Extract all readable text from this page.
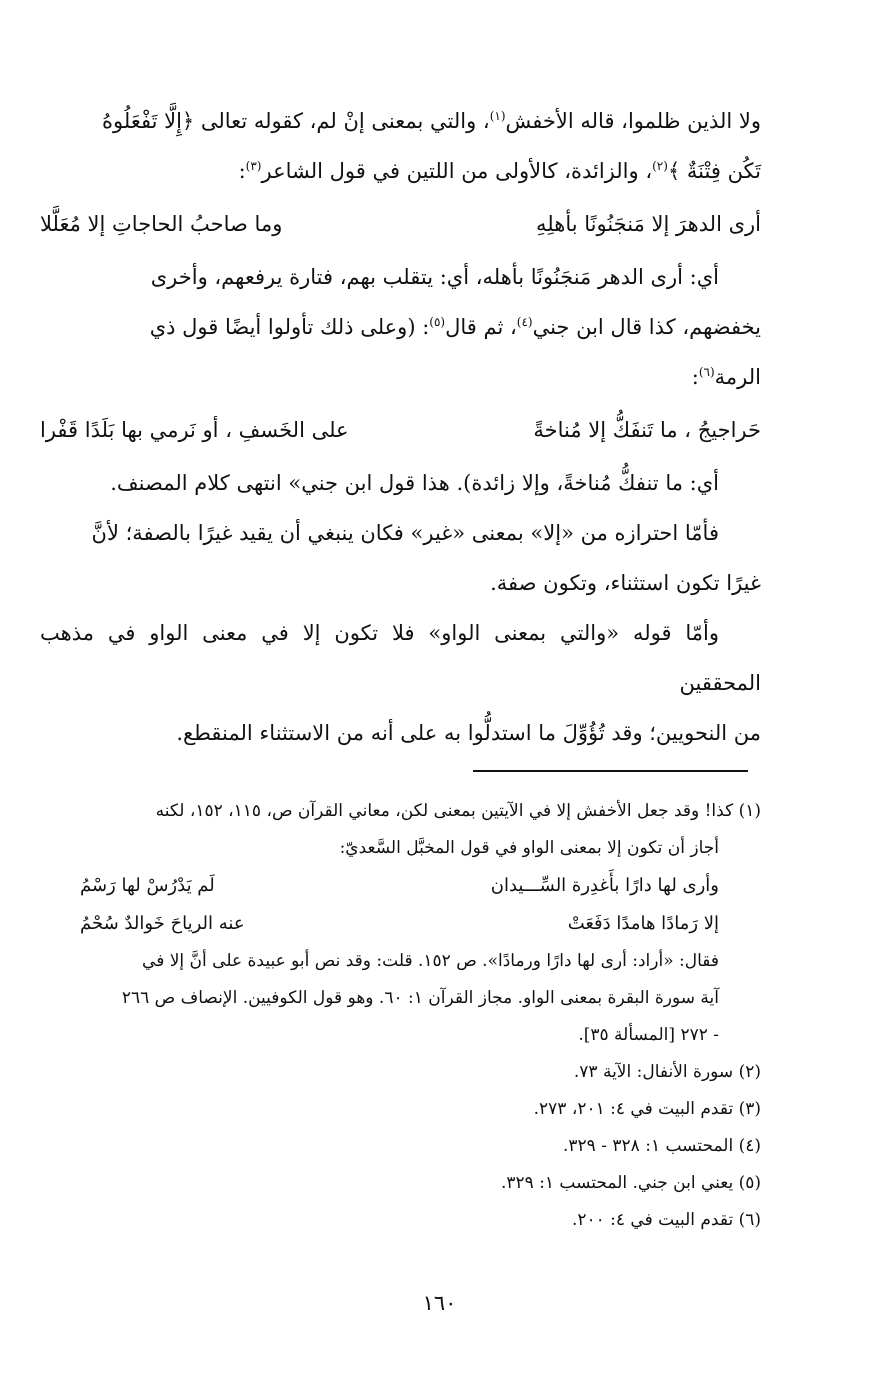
ولا الذين ظلموا، قاله الأخفش$^{(١)}$، والتي بمعنى إنْ لم، كقوله تعالى ﴿إِلَّا تَفْعَلُوهُ

تَكُن فِتْنَةٌ ﴾$^{(٢)}$، والزائدة، كالأولى من اللتين في قول الشاعر$^{(٣)}$:

أرى الدهرَ إلا مَنجَنُونًا بأهلِهِ
وما صاحبُ الحاجاتِ إلا مُعَلَّلا

أي: أرى الدهر مَنجَنُونًا بأهله، أي: يتقلب بهم، فتارة يرفعهم، وأخرى

يخفضهم، كذا قال ابن جني$^{(٤)}$، ثم قال$^{(٥)}$: (وعلى ذلك تأولوا أيضًا قول ذي

الرمة$^{(٦)}$:

حَراجيجُ ، ما تَنفَكُّ إلا مُناخةً
على الخَسفِ ، أو نَرمي بها بَلَدًا قَفْرا

أي: ما تنفكُّ مُناخةً، وإلا زائدة). هذا قول ابن جني» انتهى كلام المصنف.

فأمّا احترازه من «إلا» بمعنى «غير» فكان ينبغي أن يقيد غيرًا بالصفة؛ لأنَّ

غيرًا تكون استثناء، وتكون صفة.

وأمّا قوله «والتي بمعنى الواو» فلا تكون إلا في معنى الواو في مذهب المحققين

من النحويين؛ وقد تُؤُوِّلَ ما استدلُّوا به على أنه من الاستثناء المنقطع.

(١) كذا! وقد جعل الأخفش إلا في الآيتين بمعنى لكن، معاني القرآن ص، ١١٥، ١٥٢، لكنه

أجاز أن تكون إلا بمعنى الواو في قول المخبَّل السَّعديّ:

وأرى لها دارًا بأَغدِرة السِّـــيدان
لَم يَدْرُسْ لها رَسْمُ
إلا رَمادًا هامدًا دَفَعَتْ
عنه الرياحَ خَوالدٌ سُحْمُ

فقال: «أراد: أرى لها دارًا ورمادًا». ص ١٥٢. قلت: وقد نص أبو عبيدة على أنَّ إلا في

آية سورة البقرة بمعنى الواو. مجاز القرآن ١: ٦٠. وهو قول الكوفيين. الإنصاف ص ٢٦٦

- ٢٧٢ [المسألة ٣٥].

(٢) سورة الأنفال: الآية ٧٣.

(٣) تقدم البيت في ٤: ٢٠١، ٢٧٣.

(٤) المحتسب ١: ٣٢٨ - ٣٢٩.

(٥) يعني ابن جني. المحتسب ١: ٣٢٩.

(٦) تقدم البيت في ٤: ٢٠٠.

١٦٠
